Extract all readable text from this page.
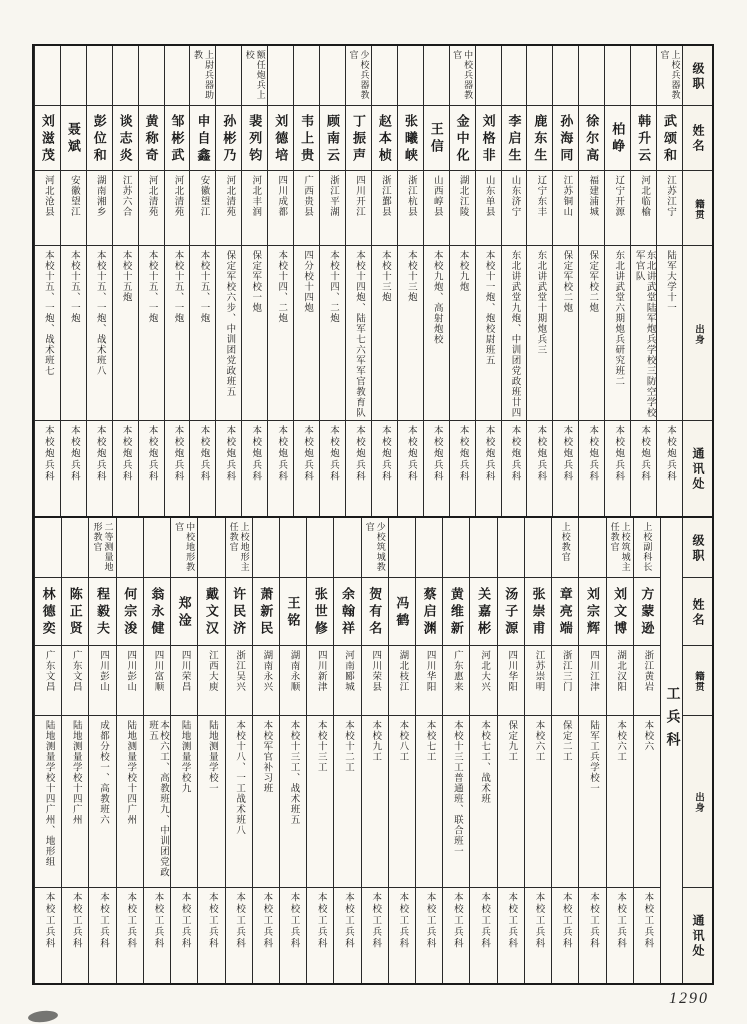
级职
姓名
籍贯
出身
通讯处
上校兵器教官
武颂和
江苏江宁
陆军大学十一
本校炮兵科
韩升云
河北临榆
东北讲武堂陆军炮兵学校三防空学校军官队
本校炮兵科
柏峥
辽宁开源
东北讲武堂六期炮兵研究班二
本校炮兵科
徐尔高
福建浦城
保定军校二炮
本校炮兵科
孙海同
江苏铜山
保定军校二炮
本校炮兵科
鹿东生
辽宁东丰
东北讲武堂十期炮兵三
本校炮兵科
李启生
山东济宁
东北讲武堂九炮、中训团党政班廿四
本校炮兵科
刘格非
山东单县
本校十一炮、炮校尉班五
本校炮兵科
中校兵器教官
金中化
湖北江陵
本校九炮
本校炮兵科
王信
山西崞县
本校九炮、高射炮校
本校炮兵科
张曦峡
浙江杭县
本校十三炮
本校炮兵科
赵本桢
浙江鄞县
本校十三炮
本校炮兵科
少校兵器教官
丁振声
四川开江
本校十四炮、陆军七六军军官教育队
本校炮兵科
顾南云
浙江平湖
本校十四、二炮
本校炮兵科
韦上贵
广西贵县
四分校十四炮
本校炮兵科
刘德培
四川成都
本校十四、二炮
本校炮兵科
额任炮兵上校
裴列钧
河北丰润
保定军校一炮
本校炮兵科
孙彬乃
河北清苑
保定军校六步、中训团党政班五
本校炮兵科
上尉兵器助教
申自鑫
安徽望江
本校十五、一炮
本校炮兵科
邹彬武
河北清苑
本校十五、一炮
本校炮兵科
黄称奇
河北清苑
本校十五、一炮
本校炮兵科
谈志炎
江苏六合
本校十五炮
本校炮兵科
彭位和
湖南湘乡
本校十五、一炮、战术班八
本校炮兵科
聂斌
安徽望江
本校十五、一炮
本校炮兵科
刘滋茂
河北沧县
本校十五、一炮、战术班七
本校炮兵科
级职
姓名
籍贯
出身
通讯处
工兵科
上校副科长
方蒙逊
浙江黄岩
本校六
本校工兵科
上校筑城主任教官
刘文博
湖北汉阳
本校六工
本校工兵科
刘宗辉
四川江津
陆军工兵学校一
本校工兵科
上校教官
章亮端
浙江三门
保定二工
本校工兵科
张崇甫
江苏崇明
本校六工
本校工兵科
汤子源
四川华阳
保定九工
本校工兵科
关嘉彬
河北大兴
本校七工、战术班
本校工兵科
黄维新
广东惠来
本校十三工普通班、联合班一
本校工兵科
蔡启渊
四川华阳
本校七工
本校工兵科
冯鹤
湖北枝江
本校八工
本校工兵科
少校筑城教官
贺有名
四川荣县
本校九工
本校工兵科
余翰祥
河南郾城
本校十二工
本校工兵科
张世修
四川新津
本校十三工
本校工兵科
王铭
湖南永顺
本校十三工、战术班五
本校工兵科
萧新民
湖南永兴
本校军官补习班
本校工兵科
上校地形主任教官
许民济
浙江吴兴
本校十八、一工战术班八
本校工兵科
戴文汉
江西大庾
陆地测量学校一
本校工兵科
中校地形教官
郑淦
四川荣昌
陆地测量学校九
本校工兵科
翁永健
四川富顺
本校六工、高教班九、中训团党政班五
本校工兵科
何宗浚
四川彭山
陆地测量学校十四广州
本校工兵科
二等测量地形教官
程毅夫
四川彭山
成都分校一、高教班六
本校工兵科
陈正贤
广东文昌
陆地测量学校十四广州
本校工兵科
林德奕
广东文昌
陆地测量学校十四广州、地形组
本校工兵科
1290
